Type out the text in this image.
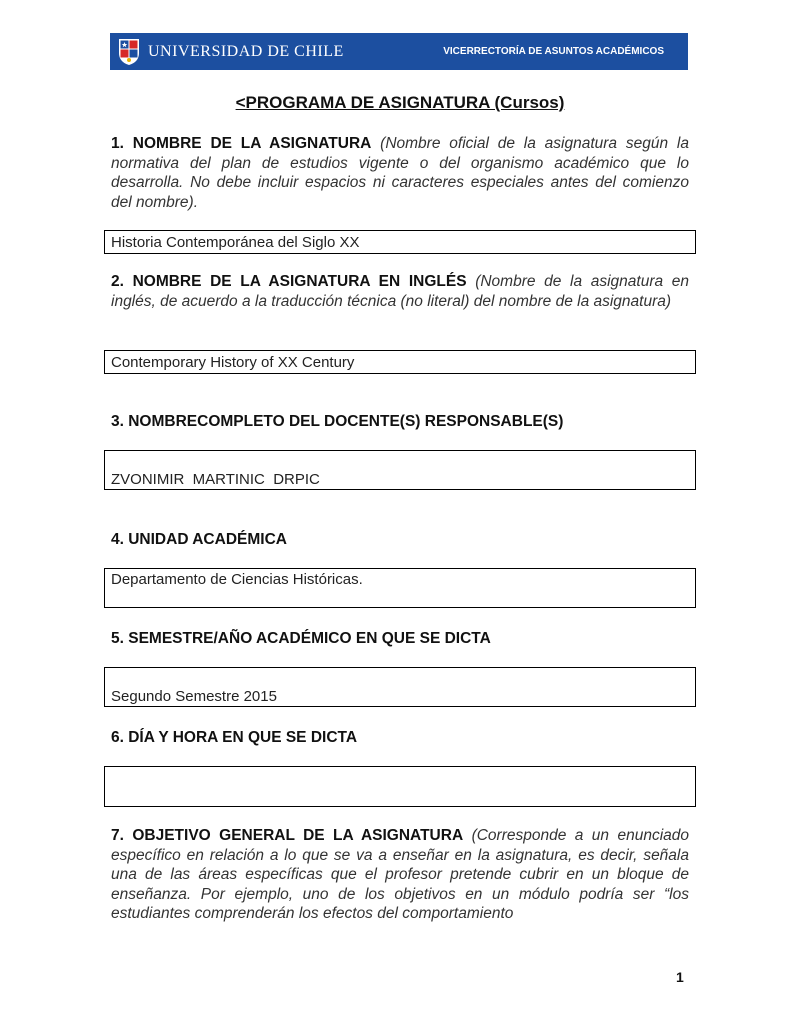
UNIVERSIDAD DE CHILE	VICERRECTORÍA DE ASUNTOS ACADÉMICOS
<PROGRAMA DE ASIGNATURA (Cursos)
1. NOMBRE DE LA ASIGNATURA (Nombre oficial de la asignatura según la normativa del plan de estudios vigente o del organismo académico que lo desarrolla. No debe incluir espacios ni caracteres especiales antes del comienzo del nombre).
Historia Contemporánea del Siglo XX
2. NOMBRE DE LA ASIGNATURA EN INGLÉS (Nombre de la asignatura en inglés, de acuerdo a la traducción técnica (no literal) del nombre de la asignatura)
Contemporary History of XX Century
3. NOMBRECOMPLETO DEL DOCENTE(S) RESPONSABLE(S)
ZVONIMIR  MARTINIC  DRPIC
4. UNIDAD ACADÉMICA
Departamento de Ciencias Históricas.
5. SEMESTRE/AÑO ACADÉMICO EN QUE SE DICTA
Segundo Semestre 2015
6. DÍA Y HORA EN QUE SE DICTA
7. OBJETIVO GENERAL DE LA ASIGNATURA (Corresponde a un enunciado específico en relación a lo que se va a enseñar en la asignatura, es decir, señala una de las áreas específicas que el profesor pretende cubrir en un bloque de enseñanza. Por ejemplo, uno de los objetivos en un módulo podría ser “los estudiantes comprenderán los efectos del comportamiento
1
